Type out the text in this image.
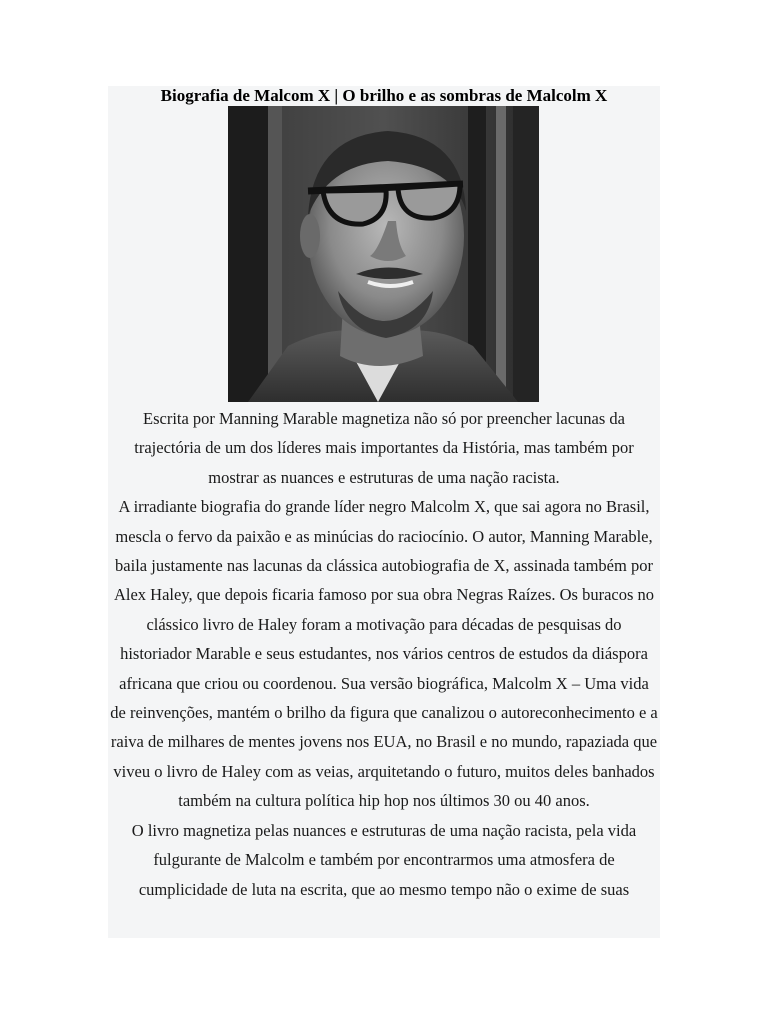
Biografia de Malcom X | O brilho e as sombras de Malcolm X

Escrita por Manning Marable magnetiza não só por preencher lacunas da trajectória de um dos líderes mais importantes da História, mas também por mostrar as nuances e estruturas de uma nação racista.

A irradiante biografia do grande líder negro Malcolm X, que sai agora no Brasil, mescla o fervo da paixão e as minúcias do raciocínio. O autor, Manning Marable, baila justamente nas lacunas da clássica autobiografia de X, assinada também por Alex Haley, que depois ficaria famoso por sua obra Negras Raízes. Os buracos no clássico livro de Haley foram a motivação para décadas de pesquisas do historiador Marable e seus estudantes, nos vários centros de estudos da diáspora africana que criou ou coordenou. Sua versão biográfica, Malcolm X – Uma vida de reinvenções, mantém o brilho da figura que canalizou o autoreconhecimento e a raiva de milhares de mentes jovens nos EUA, no Brasil e no mundo, rapaziada que viveu o livro de Haley com as veias, arquitetando o futuro, muitos deles banhados também na cultura política hip hop nos últimos 30 ou 40 anos.

O livro magnetiza pelas nuances e estruturas de uma nação racista, pela vida fulgurante de Malcolm e também por encontrarmos uma atmosfera de cumplicidade de luta na escrita, que ao mesmo tempo não o exime de suas
